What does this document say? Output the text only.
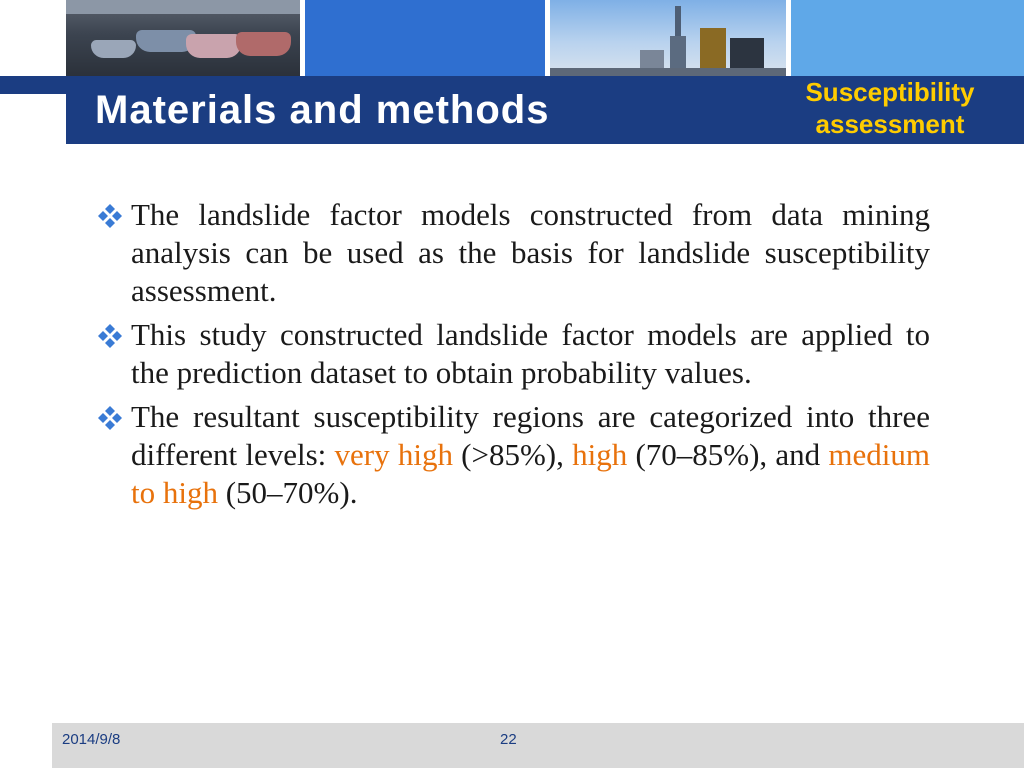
Materials and methods	Susceptibility assessment

The landslide factor models constructed from data mining analysis can be used as the basis for landslide susceptibility assessment.

This study constructed landslide factor models are applied to the prediction dataset to obtain probability values.

The resultant susceptibility regions are categorized into three different levels: very high (>85%), high (70–85%), and medium to high (50–70%).

2014/9/8	22
